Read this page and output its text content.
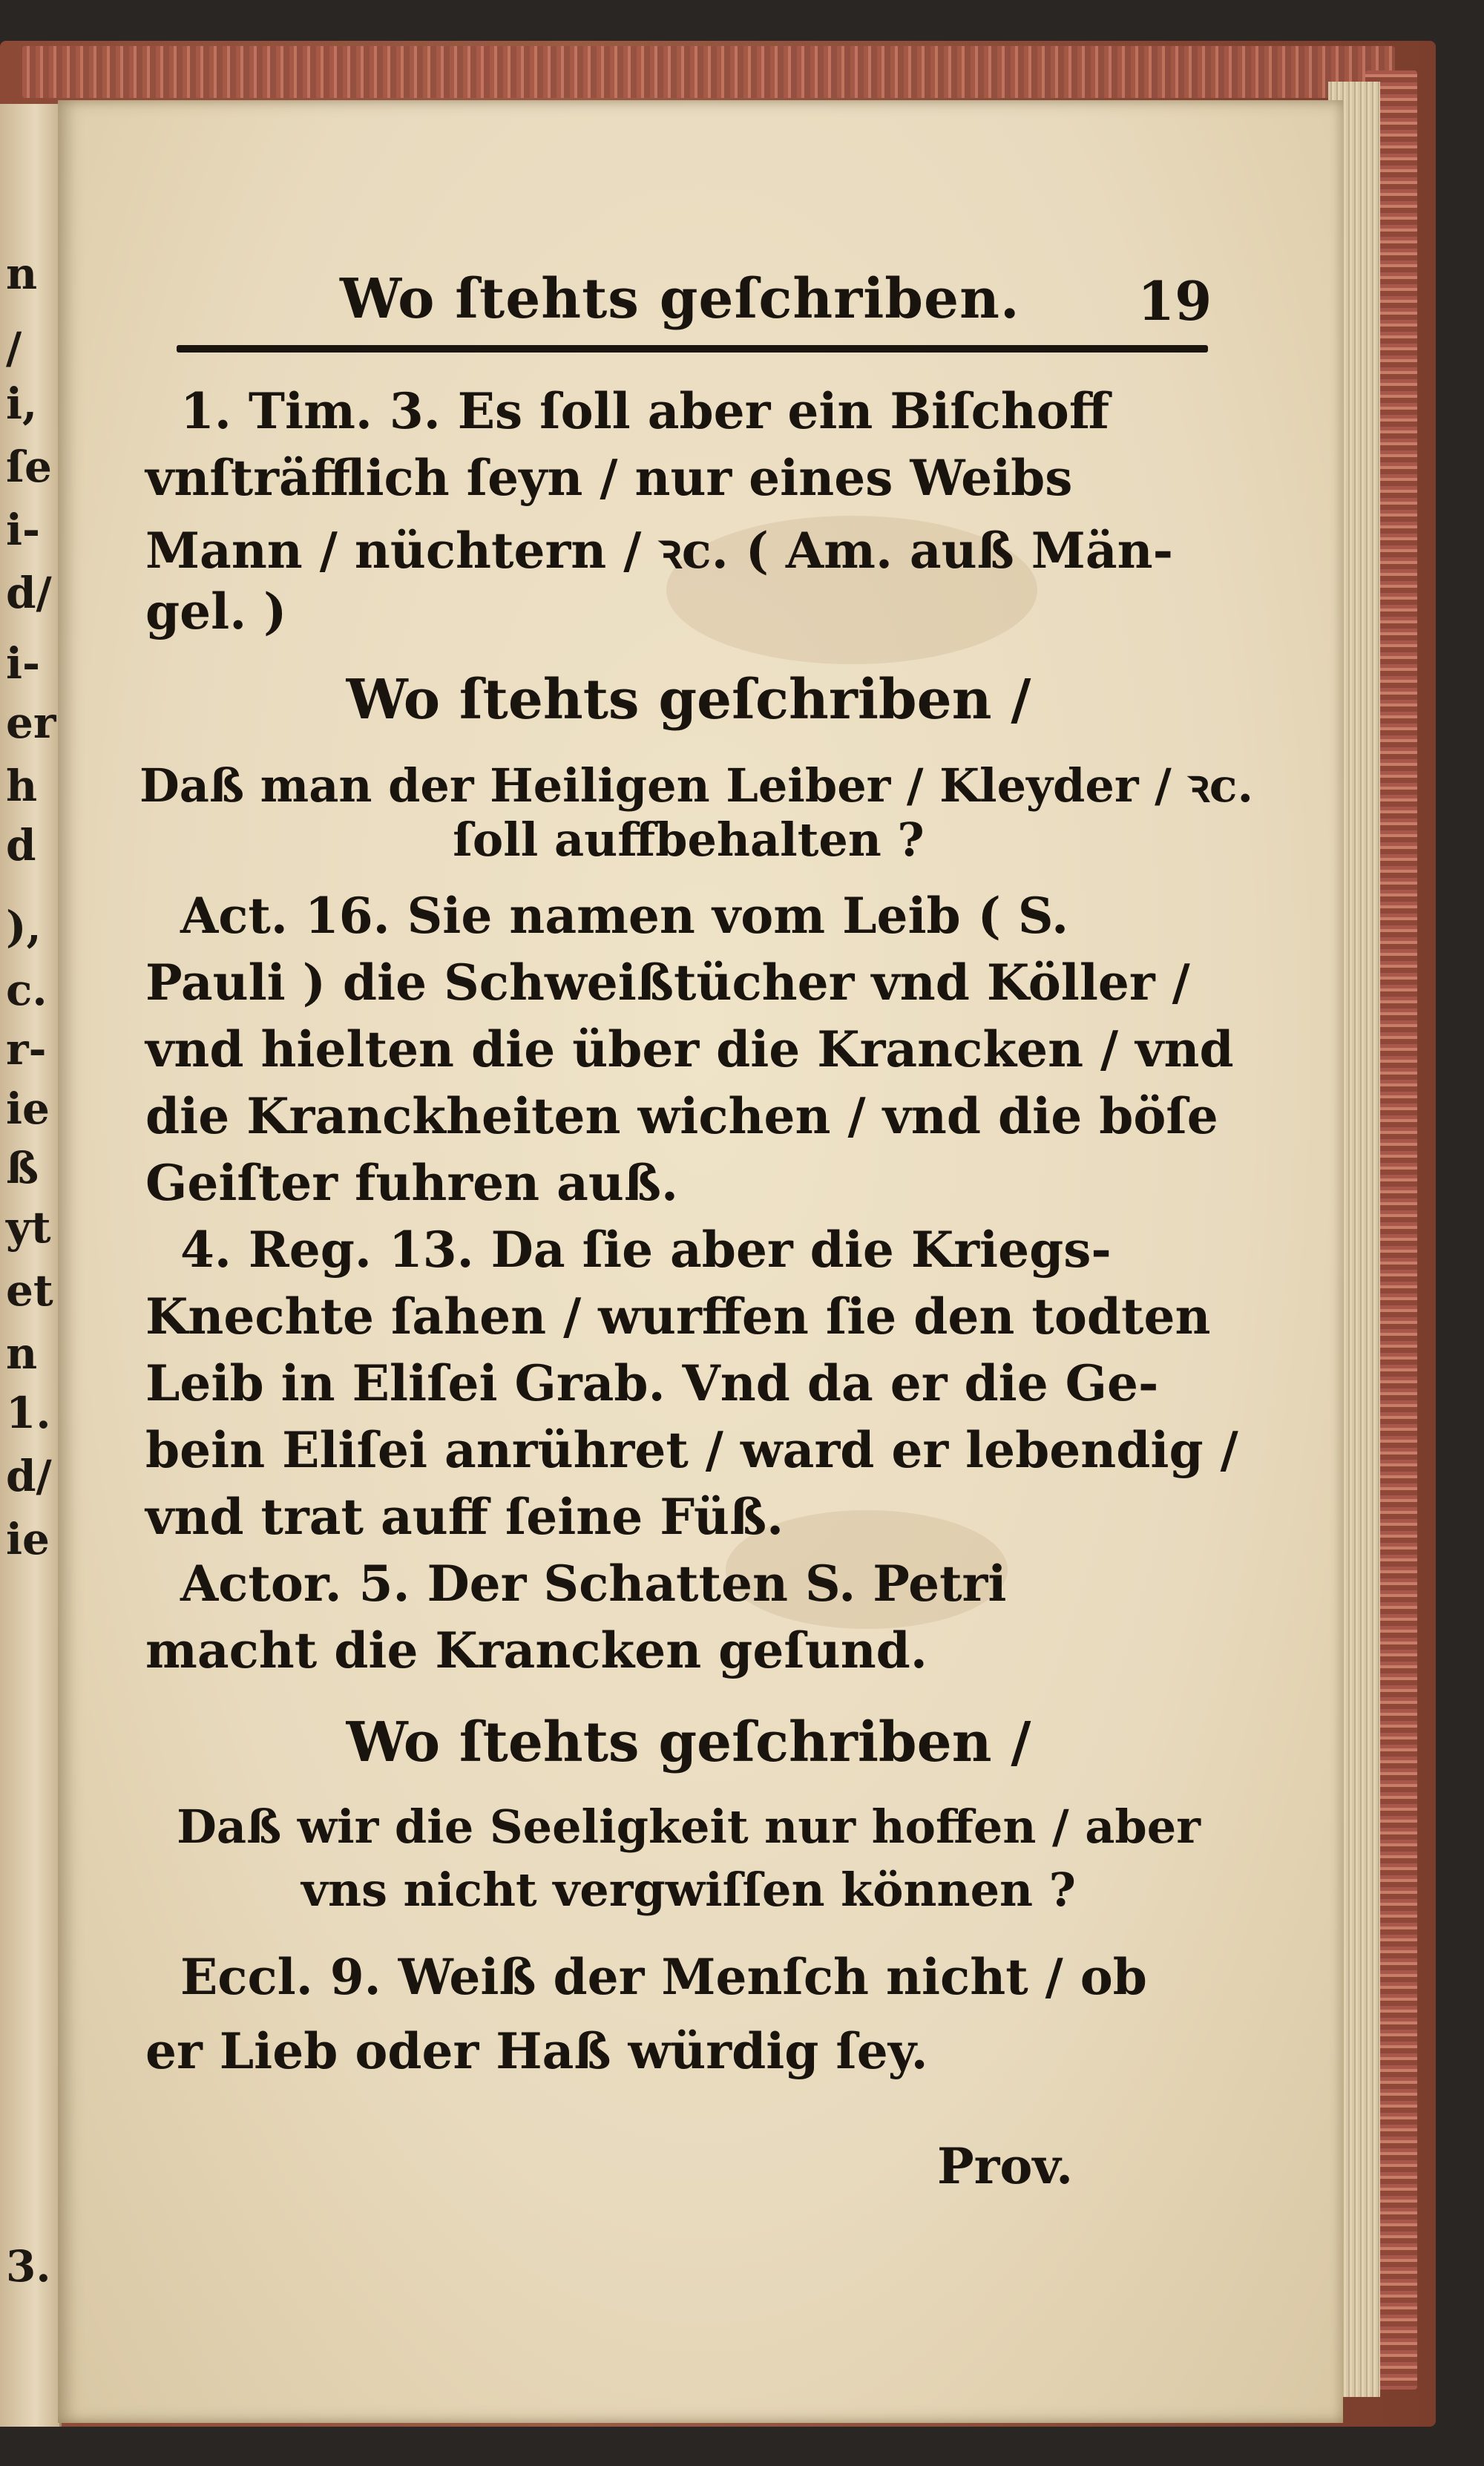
n
/
i,
ſe
i‑
d/
i‑
er
h
d
),
c.
r‑
ie
ß
yt
et
n
1.
d/
ie
3.
Wo ſtehts geſchriben. 19
1. Tim. 3. Es ſoll aber ein Biſchoff
vnſträfflich ſeyn / nur eines Weibs
Mann / nüchtern / ꝛc. ( Am. auß Män-
gel. )
Wo ſtehts geſchriben /
Daß man der Heiligen Leiber / Kleyder / ꝛc.
ſoll auffbehalten ?
Act. 16. Sie namen vom Leib ( S.
Pauli ) die Schweißtücher vnd Köller /
vnd hielten die über die Krancken / vnd
die Kranckheiten wichen / vnd die böſe
Geiſter fuhren auß.
4. Reg. 13. Da ſie aber die Kriegs-
Knechte ſahen / wurffen ſie den todten
Leib in Eliſei Grab. Vnd da er die Ge-
bein Eliſei anrühret / ward er lebendig /
vnd trat auff ſeine Füß.
Actor. 5. Der Schatten S. Petri
macht die Krancken geſund.
Wo ſtehts geſchriben /
Daß wir die Seeligkeit nur hoffen / aber
vns nicht vergwiſſen können ?
Eccl. 9. Weiß der Menſch nicht / ob
er Lieb oder Haß würdig ſey.
Prov.
